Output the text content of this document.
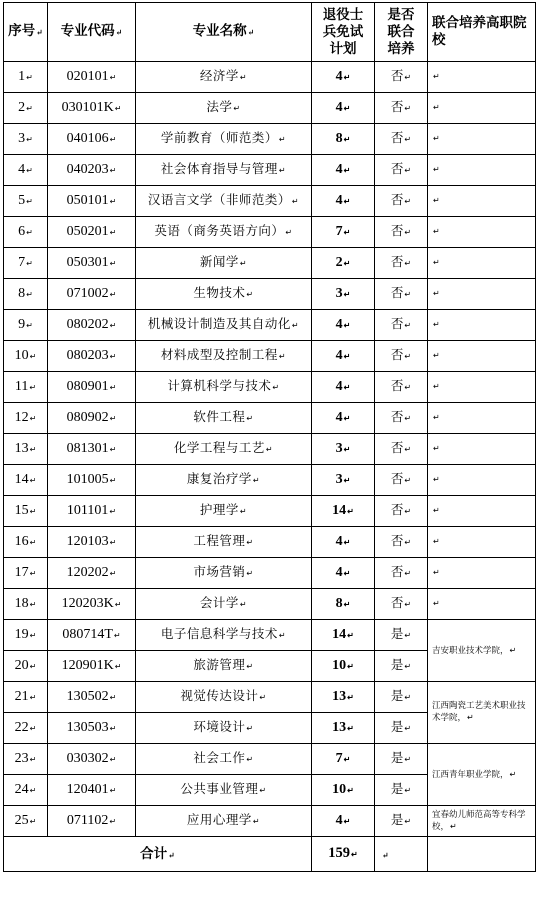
序号↵	专业代码↵	专业名称↵	退役士兵免试计划	是否联合培养	联合培养高职院校
1↵	020101↵	经济学↵	4↵	否↵	↵
2↵	030101K↵	法学↵	4↵	否↵	↵
3↵	040106↵	学前教育（师范类）↵	8↵	否↵	↵
4↵	040203↵	社会体育指导与管理↵	4↵	否↵	↵
5↵	050101↵	汉语言文学（非师范类）↵	4↵	否↵	↵
6↵	050201↵	英语（商务英语方向）↵	7↵	否↵	↵
7↵	050301↵	新闻学↵	2↵	否↵	↵
8↵	071002↵	生物技术↵	3↵	否↵	↵
9↵	080202↵	机械设计制造及其自动化↵	4↵	否↵	↵
10↵	080203↵	材料成型及控制工程↵	4↵	否↵	↵
11↵	080901↵	计算机科学与技术↵	4↵	否↵	↵
12↵	080902↵	软件工程↵	4↵	否↵	↵
13↵	081301↵	化学工程与工艺↵	3↵	否↵	↵
14↵	101005↵	康复治疗学↵	3↵	否↵	↵
15↵	101101↵	护理学↵	14↵	否↵	↵
16↵	120103↵	工程管理↵	4↵	否↵	↵
17↵	120202↵	市场营销↵	4↵	否↵	↵
18↵	120203K↵	会计学↵	8↵	否↵	↵
19↵	080714T↵	电子信息科学与技术↵	14↵	是↵	吉安职业技术学院，↵
20↵	120901K↵	旅游管理↵	10↵	是↵	
21↵	130502↵	视觉传达设计↵	13↵	是↵	江西陶瓷工艺美术职业技术学院，↵
22↵	130503↵	环境设计↵	13↵	是↵	
23↵	030302↵	社会工作↵	7↵	是↵	江西青年职业学院，↵
24↵	120401↵	公共事业管理↵	10↵	是↵	
25↵	071102↵	应用心理学↵	4↵	是↵	宜春幼儿师范高等专科学校，↵
合计↵			159↵	↵	
